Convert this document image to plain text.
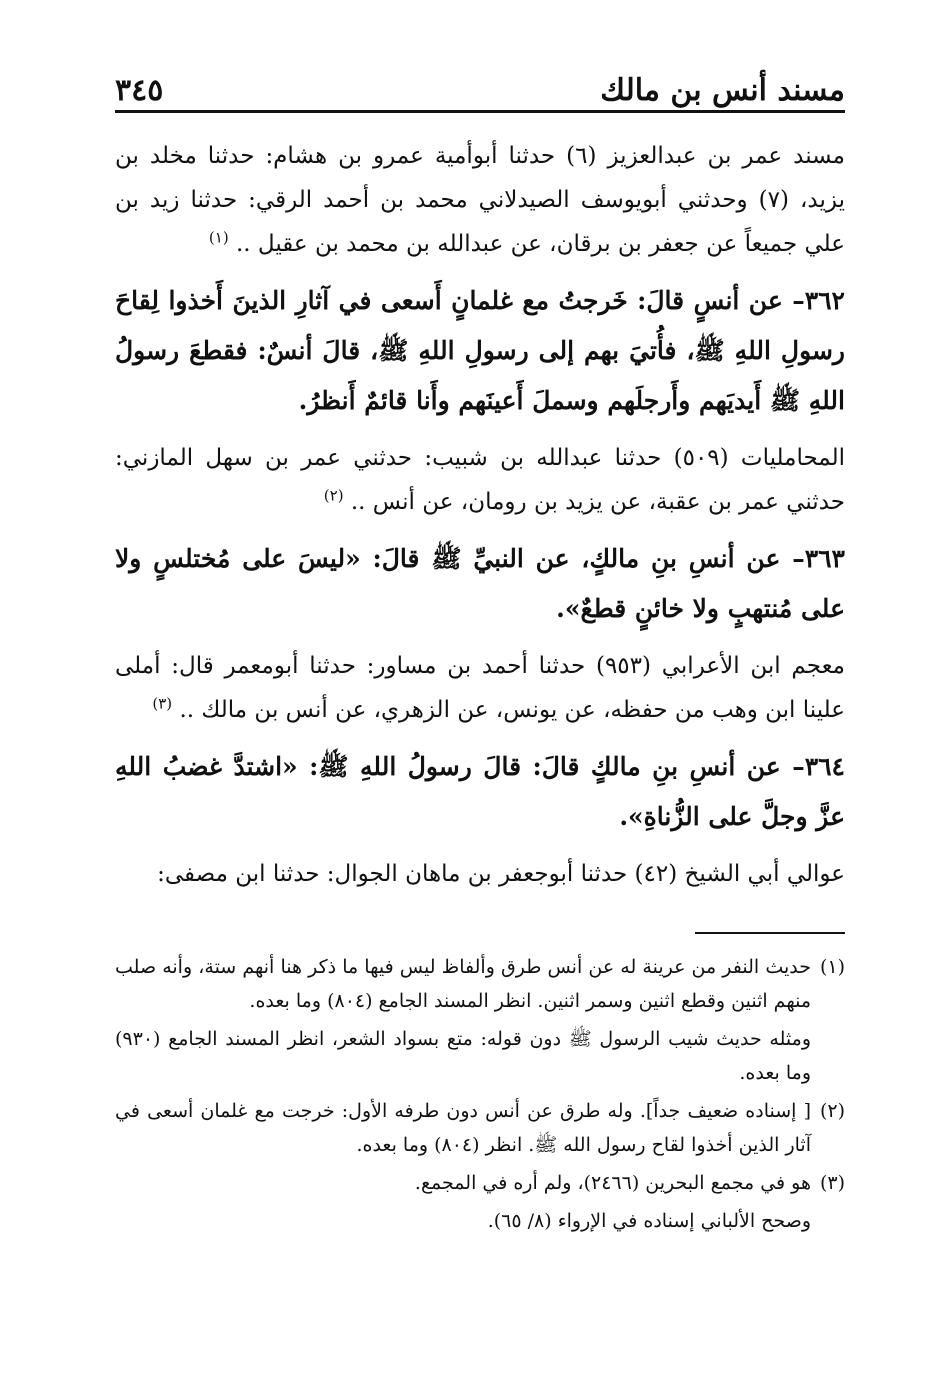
مسند أنس بن مالك
٣٤٥

مسند عمر بن عبدالعزيز (٦) حدثنا أبوأمية عمرو بن هشام: حدثنا مخلد بن يزيد، (٧) وحدثني أبويوسف الصيدلاني محمد بن أحمد الرقي: حدثنا زيد بن علي جميعاً عن جعفر بن برقان، عن عبدالله بن محمد بن عقيل .. $^{(١)}$

٣٦٢– عن أنسٍ قالَ: خَرجتُ مع غلمانٍ أَسعى في آثارِ الذينَ أَخذوا لِقاحَ رسولِ اللهِ ﷺ، فأُتيَ بهم إلى رسولِ اللهِ ﷺ، قالَ أنسٌ: فقطعَ رسولُ اللهِ ﷺ أَيديَهم وأَرجلَهم وسملَ أَعينَهم وأَنا قائمٌ أَنظرُ.

المحامليات (٥٠٩) حدثنا عبدالله بن شبيب: حدثني عمر بن سهل المازني: حدثني عمر بن عقبة، عن يزيد بن رومان، عن أنس .. $^{(٢)}$

٣٦٣– عن أنسِ بنِ مالكٍ، عن النبيِّ ﷺ قالَ: «ليسَ على مُختلسٍ ولا على مُنتهبٍ ولا خائنٍ قطعٌ».

معجم ابن الأعرابي (٩٥٣) حدثنا أحمد بن مساور: حدثنا أبومعمر قال: أملى علينا ابن وهب من حفظه، عن يونس، عن الزهري، عن أنس بن مالك .. $^{(٣)}$

٣٦٤– عن أنسِ بنِ مالكٍ قالَ: قالَ رسولُ اللهِ ﷺ: «اشتدَّ غضبُ اللهِ عزَّ وجلَّ على الزُّناةِ».

عوالي أبي الشيخ (٤٢) حدثنا أبوجعفر بن ماهان الجوال: حدثنا ابن مصفى:

(١)
حديث النفر من عرينة له عن أنس طرق وألفاظ ليس فيها ما ذكر هنا أنهم ستة، وأنه صلب منهم اثنين وقطع اثنين وسمر اثنين. انظر المسند الجامع (٨٠٤) وما بعده.

ومثله حديث شيب الرسول ﷺ دون قوله: متع بسواد الشعر، انظر المسند الجامع (٩٣٠) وما بعده.

(٢)
[ إسناده ضعيف جداً]. وله طرق عن أنس دون طرفه الأول: خرجت مع غلمان أسعى في آثار الذين أخذوا لقاح رسول الله ﷺ. انظر (٨٠٤) وما بعده.
(٣)
هو في مجمع البحرين (٢٤٦٦)، ولم أره في المجمع.

وصحح الألباني إسناده في الإرواء (٨/ ٦٥).
